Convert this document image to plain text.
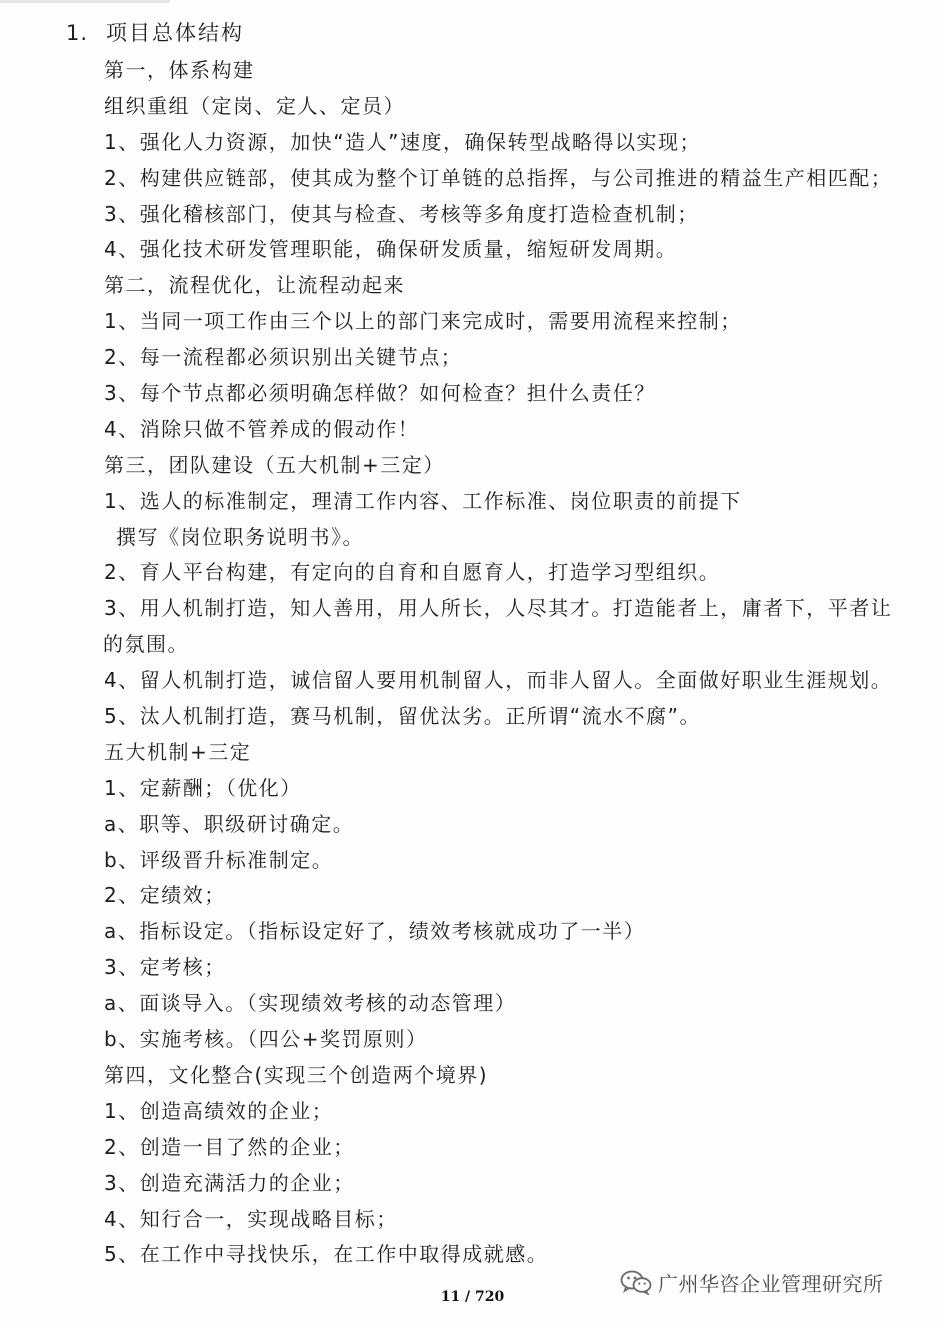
1. 项目总体结构
第一，体系构建
组织重组（定岗、定人、定员）
1、强化人力资源，加快“造人”速度，确保转型战略得以实现；
2、构建供应链部，使其成为整个订单链的总指挥，与公司推进的精益生产相匹配；
3、强化稽核部门，使其与检查、考核等多角度打造检查机制；
4、强化技术研发管理职能，确保研发质量，缩短研发周期。
第二，流程优化，让流程动起来
1、当同一项工作由三个以上的部门来完成时，需要用流程来控制；
2、每一流程都必须识别出关键节点；
3、每个节点都必须明确怎样做？如何检查？担什么责任？
4、消除只做不管养成的假动作！
第三，团队建设（五大机制+三定）
1、选人的标准制定，理清工作内容、工作标准、岗位职责的前提下
撰写《岗位职务说明书》。
2、育人平台构建，有定向的自育和自愿育人，打造学习型组织。
3、用人机制打造，知人善用，用人所长，人尽其才。打造能者上，庸者下，平者让
的氛围。
4、留人机制打造，诚信留人要用机制留人，而非人留人。全面做好职业生涯规划。
5、汰人机制打造，赛马机制，留优汰劣。正所谓“流水不腐”。
五大机制+三定
1、定薪酬；（优化）
a、职等、职级研讨确定。
b、评级晋升标准制定。
2、定绩效；
a、指标设定。（指标设定好了，绩效考核就成功了一半）
3、定考核；
a、面谈导入。（实现绩效考核的动态管理）
b、实施考核。（四公+奖罚原则）
第四，文化整合(实现三个创造两个境界)
1、创造高绩效的企业；
2、创造一目了然的企业；
3、创造充满活力的企业；
4、知行合一，实现战略目标；
5、在工作中寻找快乐，在工作中取得成就感。
11 / 720
广州华咨企业管理研究所
